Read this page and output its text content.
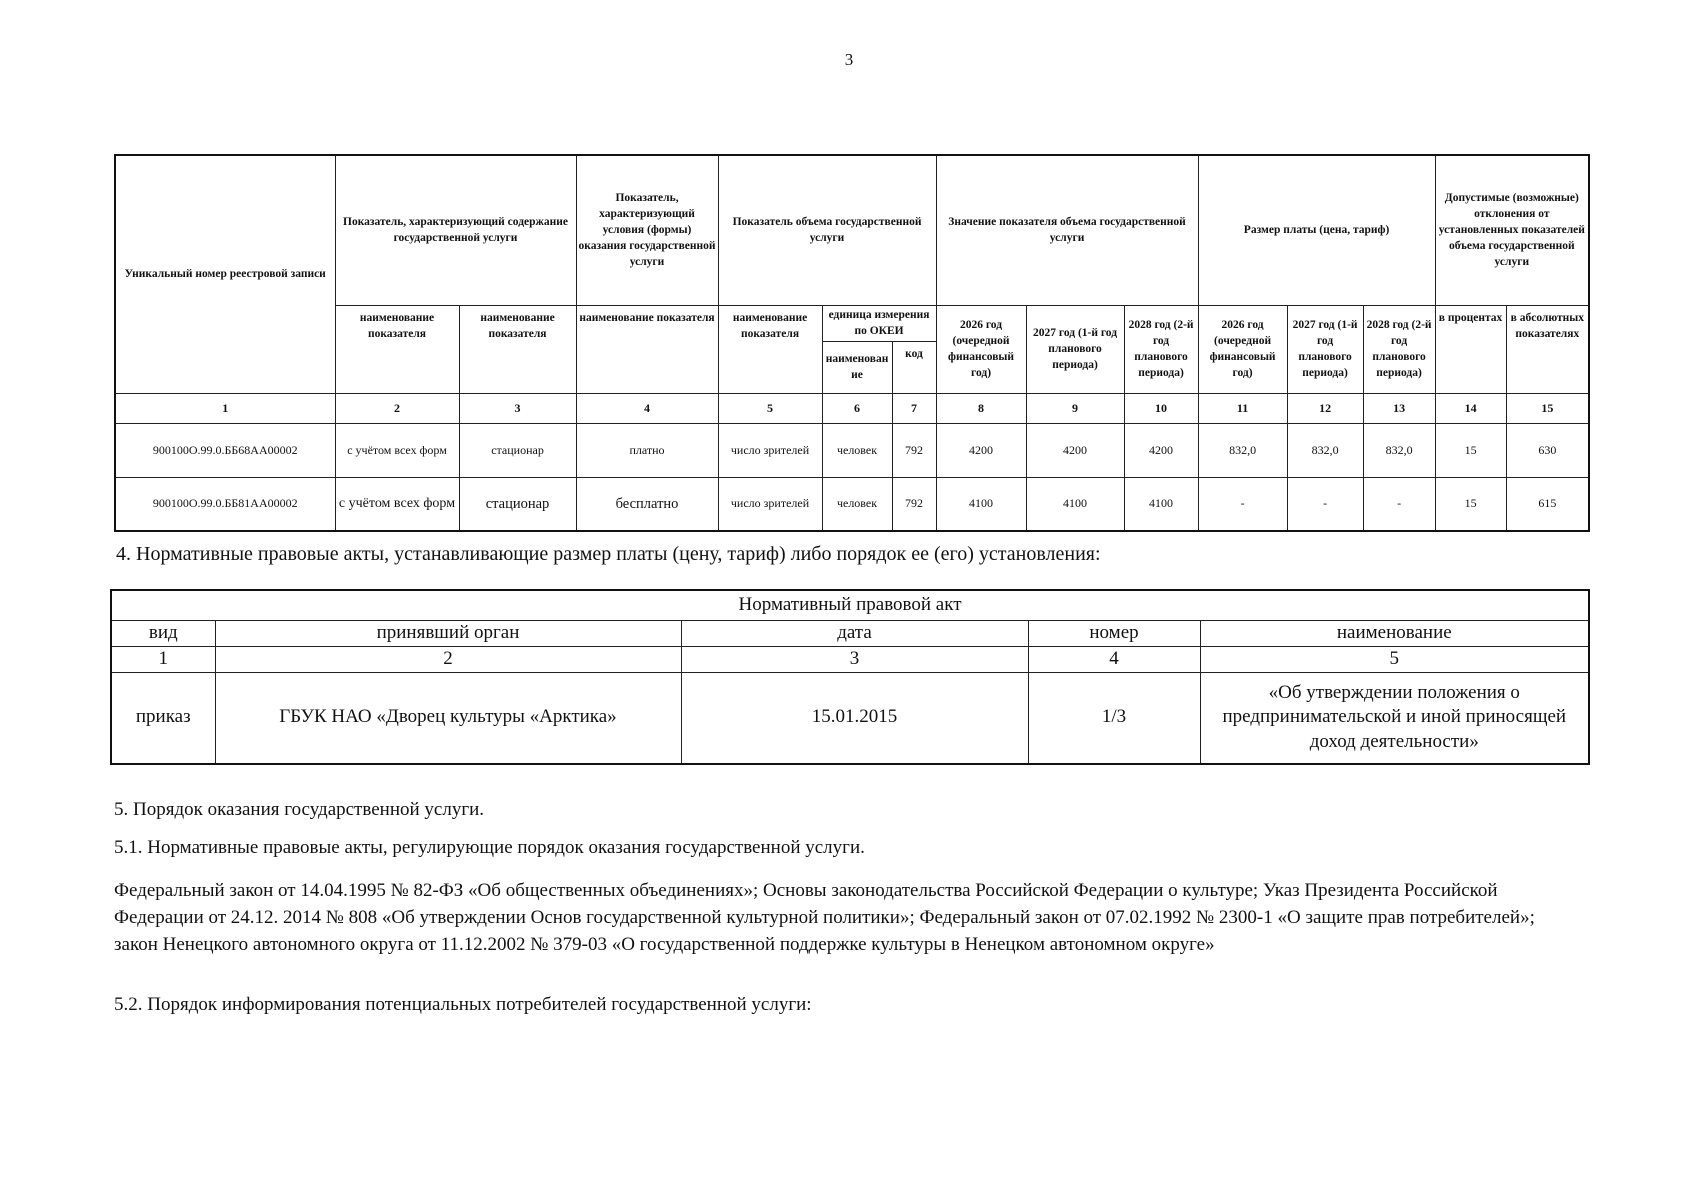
3
Уникальный номер реестровой записи	Показатель, характеризующий содержание государственной услуги		Показатель, характеризующий условия (формы) оказания государственной услуги	Показатель объема государственной услуги			Значение показателя объема государственной услуги			Размер платы (цена, тариф)			Допустимые (возможные) отклонения от установленных показателей объема государственной услуги	
	наименование показателя	наименование показателя	наименование показателя	наименование показателя	единица измерения по ОКЕИ		2026 год (очередной финансовый год)	2027 год (1-й год планового периода)	2028 год (2-й год планового периода)	2026 год (очередной финансовый год)	2027 год (1-й год планового периода)	2028 год (2-й год планового периода)	в процентах	в абсолютных показателях
					наименован ие	код								
1	2	3	4	5	6	7	8	9	10	11	12	13	14	15
900100О.99.0.ББ68АА00002	с учётом всех форм	стационар	платно	число зрителей	человек	792	4200	4200	4200	832,0	832,0	832,0	15	630
900100О.99.0.ББ81АА00002	с учётом всех форм	стационар	бесплатно	число зрителей	человек	792	4100	4100	4100	-	-	-	15	615
4. Нормативные правовые акты, устанавливающие размер платы (цену, тариф) либо порядок ее (его) установления:
Нормативный правовой акт				
вид	принявший орган	дата	номер	наименование
1	2	3	4	5
приказ	ГБУК НАО «Дворец культуры «Арктика»	15.01.2015	1/3	«Об утверждении положения о предпринимательской и иной приносящей доход деятельности»
5. Порядок оказания государственной услуги.
5.1. Нормативные правовые акты, регулирующие порядок оказания государственной услуги.
Федеральный закон от 14.04.1995 № 82-ФЗ «Об общественных объединениях»; Основы законодательства Российской Федерации о культуре; Указ Президента Российской Федерации от 24.12. 2014 № 808 «Об утверждении Основ государственной культурной политики»; Федеральный закон от 07.02.1992 № 2300-1 «О защите прав потребителей»; закон Ненецкого автономного округа от 11.12.2002 № 379-03 «О государственной поддержке культуры в Ненецком автономном округе»
5.2. Порядок информирования потенциальных потребителей государственной услуги:
